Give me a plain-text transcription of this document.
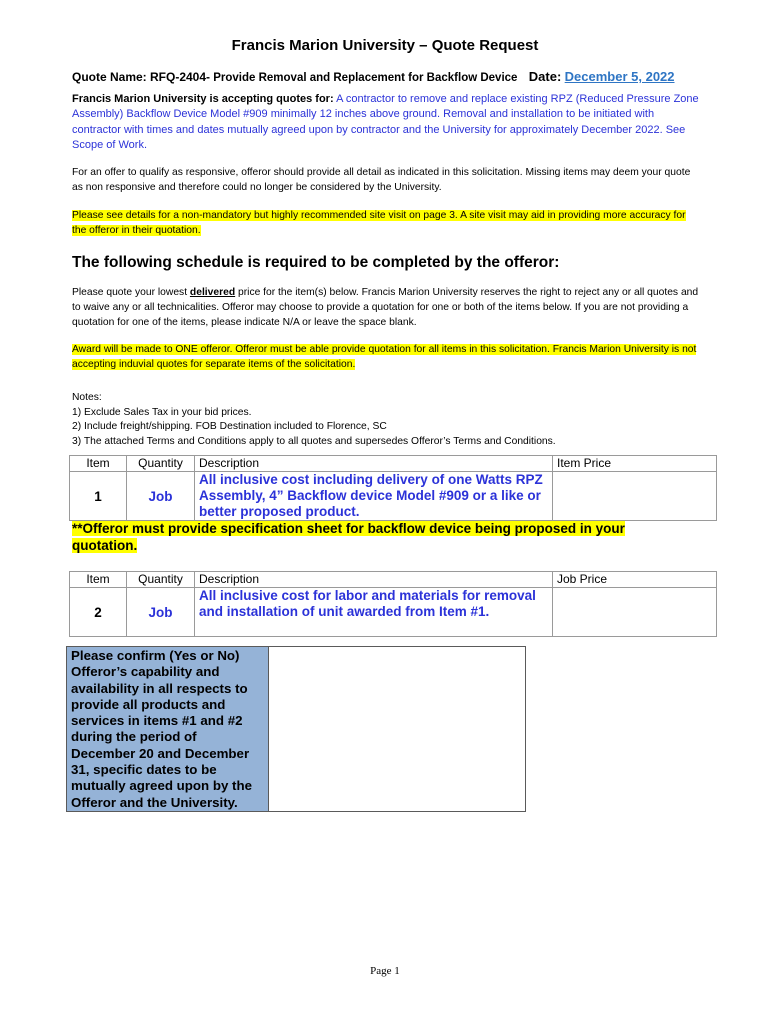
Francis Marion University – Quote Request
Quote Name: RFQ-2404- Provide Removal and Replacement for Backflow Device Date: December 5, 2022
Francis Marion University is accepting quotes for: A contractor to remove and replace existing RPZ (Reduced Pressure Zone Assembly) Backflow Device Model #909 minimally 12 inches above ground. Removal and installation to be initiated with contractor with times and dates mutually agreed upon by contractor and the University for approximately December 2022. See Scope of Work.
For an offer to qualify as responsive, offeror should provide all detail as indicated in this solicitation. Missing items may deem your quote as non responsive and therefore could no longer be considered by the University.
Please see details for a non-mandatory but highly recommended site visit on page 3. A site visit may aid in providing more accuracy for the offeror in their quotation.
The following schedule is required to be completed by the offeror:
Please quote your lowest delivered price for the item(s) below. Francis Marion University reserves the right to reject any or all quotes and to waive any or all technicalities. Offeror may choose to provide a quotation for one or both of the items below. If you are not providing a quotation for one of the items, please indicate N/A or leave the space blank.
Award will be made to ONE offeror. Offeror must be able provide quotation for all items in this solicitation. Francis Marion University is not accepting induvial quotes for separate items of the solicitation.
Notes:
1) Exclude Sales Tax in your bid prices.
2) Include freight/shipping. FOB Destination included to Florence, SC
3) The attached Terms and Conditions apply to all quotes and supersedes Offeror’s Terms and Conditions.
Item	Quantity	Description	Item Price
1	Job	All inclusive cost including delivery of one Watts RPZ Assembly, 4” Backflow device Model #909 or a like or better proposed product.	
**Offeror must provide specification sheet for backflow device being proposed in your quotation.
Item	Quantity	Description	Job Price
2	Job	All inclusive cost for labor and materials for removal and installation of unit awarded from Item #1.	
Please confirm (Yes or No) Offeror’s capability and availability in all respects to provide all products and services in items #1 and #2 during the period of December 20 and December 31, specific dates to be mutually agreed upon by the Offeror and the University.
Page 1
